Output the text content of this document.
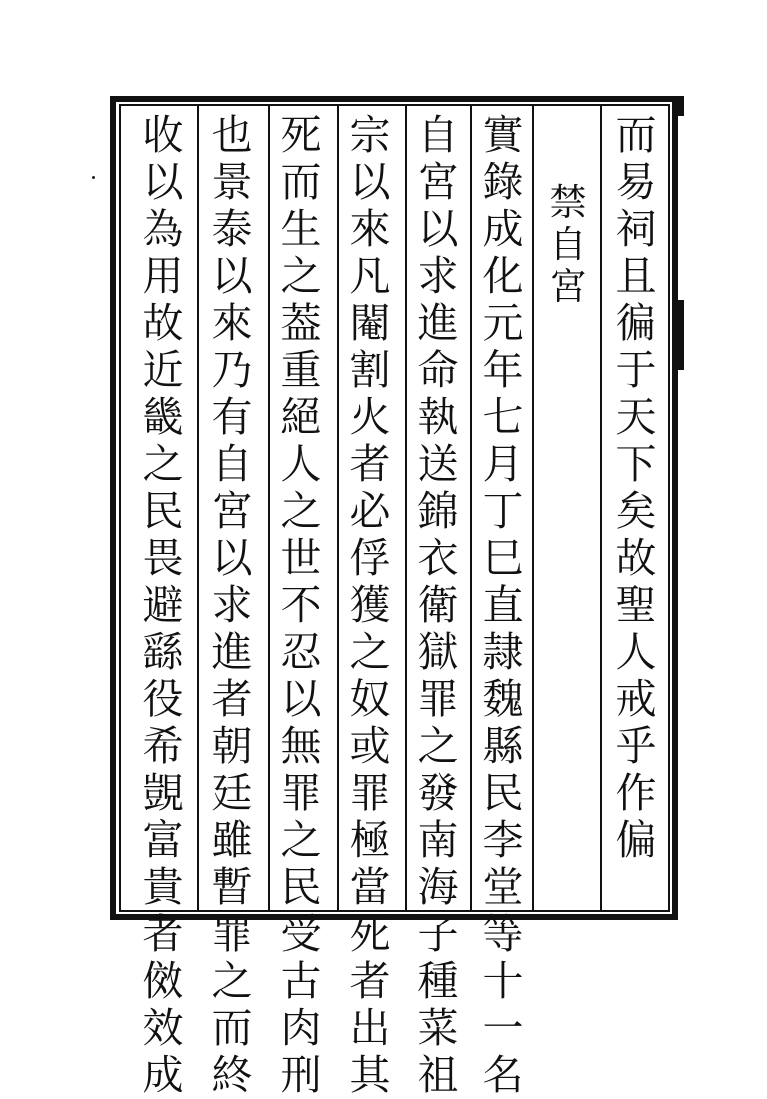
而
易
祠
且
徧
于
天
下
矣
故
聖
人
戒
乎
作
偏
禁
自
宮
實
錄
成
化
元
年
七
月
丁
巳
直
隷
魏
縣
民
李
堂
等
十
一
名
自
宮
以
求
進
命
執
送
錦
衣
衛
獄
罪
之
發
南
海
子
種
菜
祖
宗
以
來
凡
閹
割
火
者
必
俘
獲
之
奴
或
罪
極
當
死
者
出
其
死
而
生
之
葢
重
絕
人
之
世
不
忍
以
無
罪
之
民
受
古
肉
刑
也
景
泰
以
來
乃
有
自
宮
以
求
進
者
朝
廷
雖
暫
罪
之
而
終
收
以
為
用
故
近
畿
之
民
畏
避
繇
役
希
覬
富
貴
者
傚
效
成
